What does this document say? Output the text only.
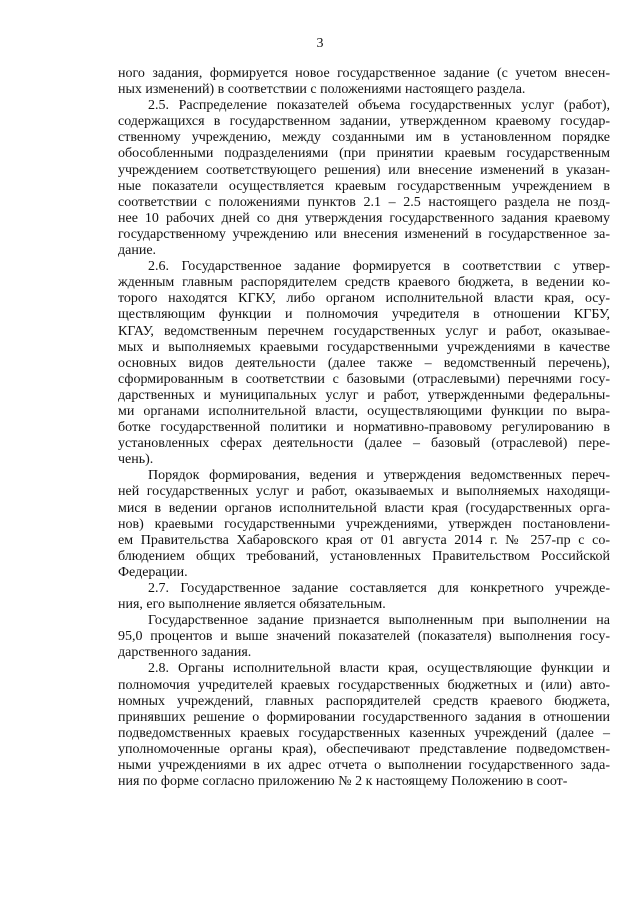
3
ного задания, формируется новое государственное задание (с учетом внесен-
ных изменений) в соответствии с положениями настоящего раздела.
2.5. Распределение показателей объема государственных услуг (работ),
содержащихся в государственном задании, утвержденном краевому государ-
ственному учреждению, между созданными им в установленном порядке
обособленными подразделениями (при принятии краевым государственным
учреждением соответствующего решения) или внесение изменений в указан-
ные показатели осуществляется краевым государственным учреждением в
соответствии с положениями пунктов 2.1 – 2.5 настоящего раздела не позд-
нее 10 рабочих дней со дня утверждения государственного задания краевому
государственному учреждению или внесения изменений в государственное за-
дание.
2.6. Государственное задание формируется в соответствии с утвер-
жденным главным распорядителем средств краевого бюджета, в ведении ко-
торого находятся КГКУ, либо органом исполнительной власти края, осу-
ществляющим функции и полномочия учредителя в отношении КГБУ,
КГАУ, ведомственным перечнем государственных услуг и работ, оказывае-
мых и выполняемых краевыми государственными учреждениями в качестве
основных видов деятельности (далее также – ведомственный перечень),
сформированным в соответствии с базовыми (отраслевыми) перечнями госу-
дарственных и муниципальных услуг и работ, утвержденными федеральны-
ми органами исполнительной власти, осуществляющими функции по выра-
ботке государственной политики и нормативно-правовому регулированию в
установленных сферах деятельности (далее – базовый (отраслевой) пере-
чень).
Порядок формирования, ведения и утверждения ведомственных переч-
ней государственных услуг и работ, оказываемых и выполняемых находящи-
мися в ведении органов исполнительной власти края (государственных орга-
нов) краевыми государственными учреждениями, утвержден постановлени-
ем Правительства Хабаровского края от 01 августа 2014 г. № 257-пр с со-
блюдением общих требований, установленных Правительством Российской
Федерации.
2.7. Государственное задание составляется для конкретного учрежде-
ния, его выполнение является обязательным.
Государственное задание признается выполненным при выполнении на
95,0 процентов и выше значений показателей (показателя) выполнения госу-
дарственного задания.
2.8. Органы исполнительной власти края, осуществляющие функции и
полномочия учредителей краевых государственных бюджетных и (или) авто-
номных учреждений, главных распорядителей средств краевого бюджета,
принявших решение о формировании государственного задания в отношении
подведомственных краевых государственных казенных учреждений (далее –
уполномоченные органы края), обеспечивают представление подведомствен-
ными учреждениями в их адрес отчета о выполнении государственного зада-
ния по форме согласно приложению № 2 к настоящему Положению в соот-
